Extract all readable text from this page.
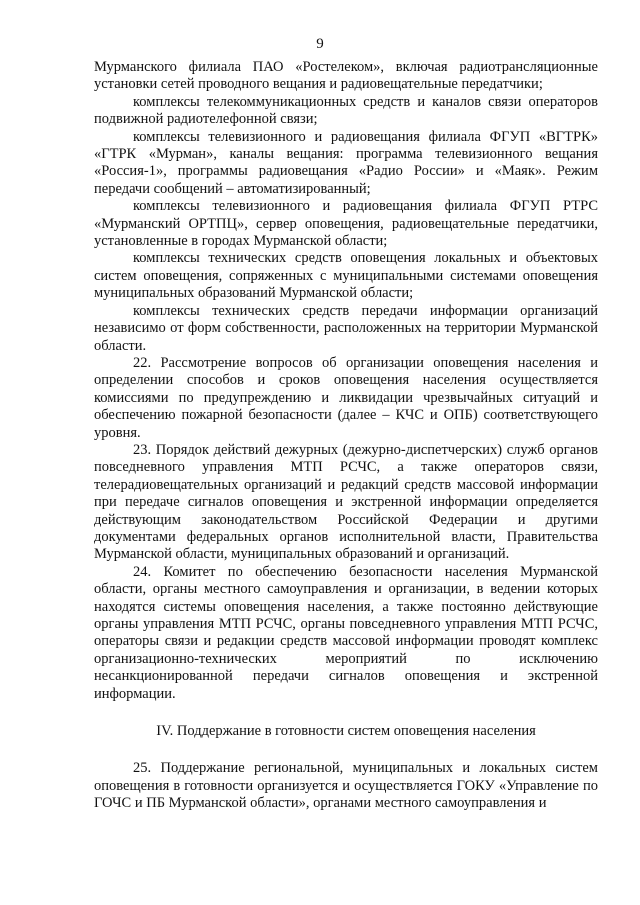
9

Мурманского филиала ПАО «Ростелеком», включая радиотрансляционные установки сетей проводного вещания и радиовещательные передатчики;

комплексы телекоммуникационных средств и каналов связи операторов подвижной радиотелефонной связи;

комплексы телевизионного и радиовещания филиала ФГУП «ВГТРК» «ГТРК «Мурман», каналы вещания: программа телевизионного вещания «Россия-1», программы радиовещания «Радио России» и «Маяк». Режим передачи сообщений – автоматизированный;

комплексы телевизионного и радиовещания филиала ФГУП РТРС «Мурманский ОРТПЦ», сервер оповещения, радиовещательные передатчики, установленные в городах Мурманской области;

комплексы технических средств оповещения локальных и объектовых систем оповещения, сопряженных с муниципальными системами оповещения муниципальных образований Мурманской области;

комплексы технических средств передачи информации организаций независимо от форм собственности, расположенных на территории Мурманской области.

22. Рассмотрение вопросов об организации оповещения населения и определении способов и сроков оповещения населения осуществляется комиссиями по предупреждению и ликвидации чрезвычайных ситуаций и обеспечению пожарной безопасности (далее – КЧС и ОПБ) соответствующего уровня.

23. Порядок действий дежурных (дежурно-диспетчерских) служб органов повседневного управления МТП РСЧС, а также операторов связи, телерадиовещательных организаций и редакций средств массовой информации при передаче сигналов оповещения и экстренной информации определяется действующим законодательством Российской Федерации и другими документами федеральных органов исполнительной власти, Правительства Мурманской области, муниципальных образований и организаций.

24. Комитет по обеспечению безопасности населения Мурманской области, органы местного самоуправления и организации, в ведении которых находятся системы оповещения населения, а также постоянно действующие органы управления МТП РСЧС, органы повседневного управления МТП РСЧС, операторы связи и редакции средств массовой информации проводят комплекс организационно-технических мероприятий по исключению несанкционированной передачи сигналов оповещения и экстренной информации.

IV. Поддержание в готовности систем оповещения населения

25. Поддержание региональной, муниципальных и локальных систем оповещения в готовности организуется и осуществляется ГОКУ «Управление по ГОЧС и ПБ Мурманской области», органами местного самоуправления и
